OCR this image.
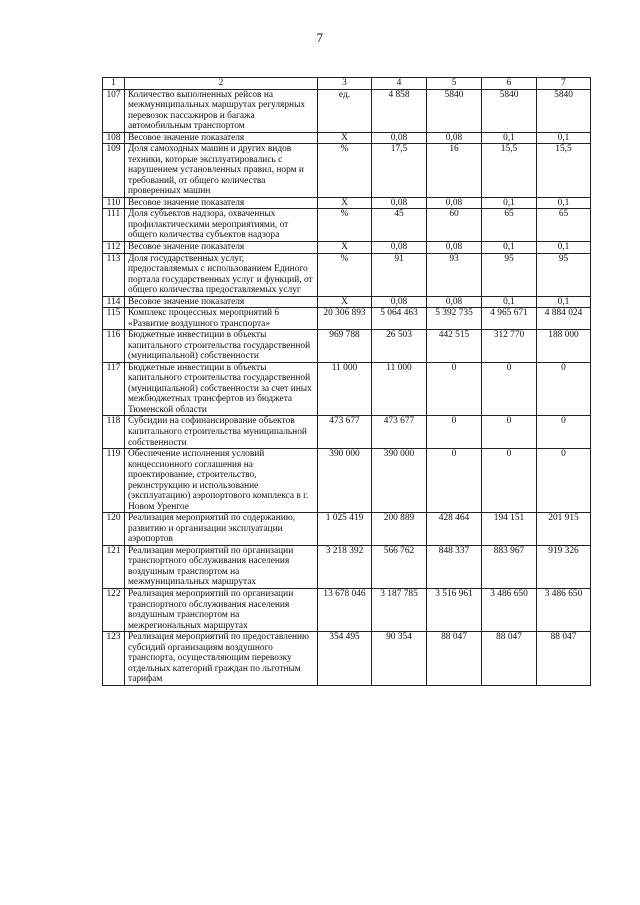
7
1	2	3	4	5	6	7
107	Количество выполненных рейсов на межмуниципальных маршрутах регулярных перевозок пассажиров и багажа автомобильным транспортом	ед.	4 858	5840	5840	5840
108	Весовое значение показателя	Х	0,08	0,08	0,1	0,1
109	Доля самоходных машин и других видов техники, которые эксплуатировались с нарушением установленных правил, норм и требований, от общего количества проверенных машин	%	17,5	16	15,5	15,5
110	Весовое значение показателя	Х	0,08	0,08	0,1	0,1
111	Доля субъектов надзора, охваченных профилактическими мероприятиями, от общего количества субъектов надзора	%	45	60	65	65
112	Весовое значение показателя	Х	0,08	0,08	0,1	0,1
113	Доля государственных услуг, предоставляемых с использованием Единого портала государственных услуг и функций, от общего количества предоставляемых услуг	%	91	93	95	95
114	Весовое значение показателя	Х	0,08	0,08	0,1	0,1
115	Комплекс процессных мероприятий 6 «Развитие воздушного транспорта»	20 306 893	5 064 463	5 392 735	4 965 671	4 884 024
116	Бюджетные инвестиции в объекты капитального строительства государственной (муниципальной) собственности	969 788	26 503	442 515	312 770	188 000
117	Бюджетные инвестиции в объекты капитального строительства государственной (муниципальной) собственности за счет иных межбюджетных трансфертов из бюджета Тюменской области	11 000	11 000	0	0	0
118	Субсидии на софинансирование объектов капитального строительства муниципальной собственности	473 677	473 677	0	0	0
119	Обеспечение исполнения условий концессионного соглашения на проектирование, строительство, реконструкцию и использование (эксплуатацию) аэропортового комплекса в г. Новом Уренгое	390 000	390 000	0	0	0
120	Реализация мероприятий по содержанию, развитию и организации эксплуатации аэропортов	1 025 419	200 889	428 464	194 151	201 915
121	Реализация мероприятий по организации транспортного обслуживания населения воздушным транспортом на межмуниципальных маршрутах	3 218 392	566 762	848 337	883 967	919 326
122	Реализация мероприятий по организации транспортного обслуживания населения воздушным транспортом на межрегиональных маршрутах	13 678 046	3 187 785	3 516 961	3 486 650	3 486 650
123	Реализация мероприятий по предоставлению субсидий организациям воздушного транспорта, осуществляющим перевозку отдельных категорий граждан по льготным тарифам	354 495	90 354	88 047	88 047	88 047
